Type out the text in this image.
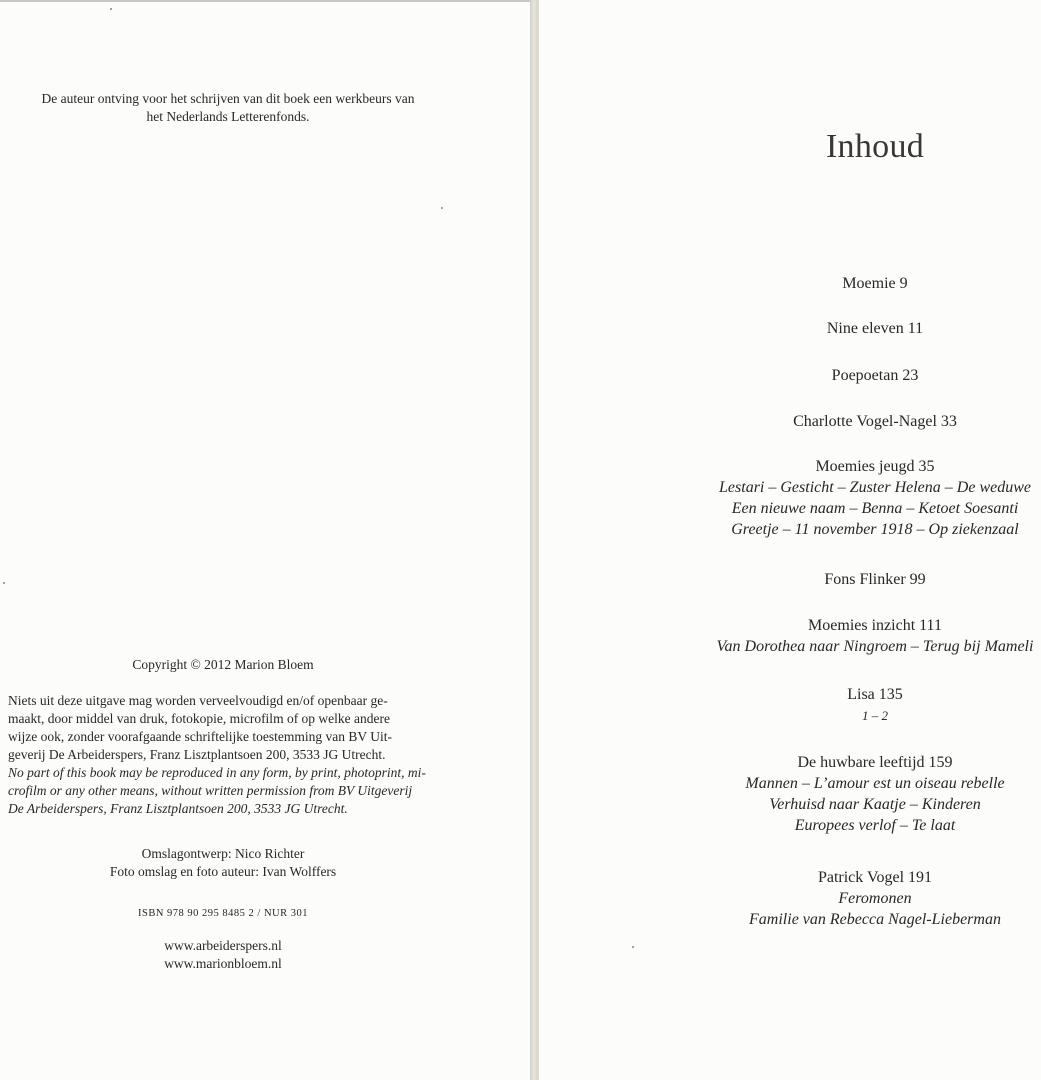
De auteur ontving voor het schrijven van dit boek een werkbeurs van
het Nederlands Letterenfonds.
Copyright © 2012 Marion Bloem
Niets uit deze uitgave mag worden verveelvoudigd en/of openbaar ge-
maakt, door middel van druk, fotokopie, microfilm of op welke andere
wijze ook, zonder voorafgaande schriftelijke toestemming van BV Uit-
geverij De Arbeiderspers, Franz Lisztplantsoen 200, 3533 JG Utrecht.
No part of this book may be reproduced in any form, by print, photoprint, mi-
crofilm or any other means, without written permission from BV Uitgeverij
De Arbeiderspers, Franz Lisztplantsoen 200, 3533 JG Utrecht.
Omslagontwerp: Nico Richter
Foto omslag en foto auteur: Ivan Wolffers
ISBN 978 90 295 8485 2 / NUR 301
www.arbeiderspers.nl
www.marionbloem.nl
Inhoud
Moemie 9
Nine eleven 11
Poepoetan 23
Charlotte Vogel-Nagel 33
Moemies jeugd 35
Lestari – Gesticht – Zuster Helena – De weduwe
Een nieuwe naam – Benna – Ketoet Soesanti
Greetje – 11 november 1918 – Op ziekenzaal
Fons Flinker 99
Moemies inzicht 111
Van Dorothea naar Ningroem – Terug bij Mameli
Lisa 135
1 – 2
De huwbare leeftijd 159
Mannen – L’amour est un oiseau rebelle
Verhuisd naar Kaatje – Kinderen
Europees verlof – Te laat
Patrick Vogel 191
Feromonen
Familie van Rebecca Nagel-Lieberman
